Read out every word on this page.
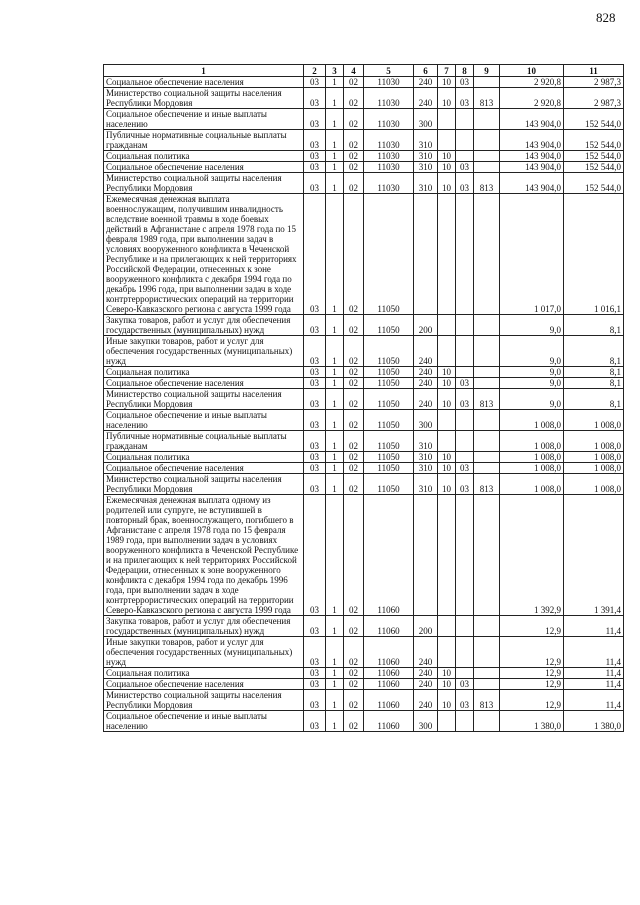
828
1	2	3	4	5	6	7	8	9	10	11
Социальное обеспечение населения	03	1	02	11030	240	10	03		2 920,8	2 987,3
Министерство социальной защиты населения Республики Мордовия	03	1	02	11030	240	10	03	813	2 920,8	2 987,3
Социальное обеспечение и иные выплаты населению	03	1	02	11030	300				143 904,0	152 544,0
Публичные нормативные социальные выплаты гражданам	03	1	02	11030	310				143 904,0	152 544,0
Социальная политика	03	1	02	11030	310	10			143 904,0	152 544,0
Социальное обеспечение населения	03	1	02	11030	310	10	03		143 904,0	152 544,0
Министерство социальной защиты населения Республики Мордовия	03	1	02	11030	310	10	03	813	143 904,0	152 544,0
Ежемесячная денежная выплата военнослужащим, получившим инвалидность вследствие военной травмы в ходе боевых действий в Афганистане с апреля 1978 года по 15 февраля 1989 года, при выполнении задач в условиях вооруженного конфликта в Чеченской Республике и на прилегающих к ней территориях Российской Федерации, отнесенных к зоне вооруженного конфликта с декабря 1994 года по декабрь 1996 года, при выполнении задач в ходе контртеррористических операций на территории Северо-Кавказского региона с августа 1999 года	03	1	02	11050					1 017,0	1 016,1
Закупка товаров, работ и услуг для обеспечения государственных (муниципальных) нужд	03	1	02	11050	200				9,0	8,1
Иные закупки товаров, работ и услуг для обеспечения государственных (муниципальных) нужд	03	1	02	11050	240				9,0	8,1
Социальная политика	03	1	02	11050	240	10			9,0	8,1
Социальное обеспечение населения	03	1	02	11050	240	10	03		9,0	8,1
Министерство социальной защиты населения Республики Мордовия	03	1	02	11050	240	10	03	813	9,0	8,1
Социальное обеспечение и иные выплаты населению	03	1	02	11050	300				1 008,0	1 008,0
Публичные нормативные социальные выплаты гражданам	03	1	02	11050	310				1 008,0	1 008,0
Социальная политика	03	1	02	11050	310	10			1 008,0	1 008,0
Социальное обеспечение населения	03	1	02	11050	310	10	03		1 008,0	1 008,0
Министерство социальной защиты населения Республики Мордовия	03	1	02	11050	310	10	03	813	1 008,0	1 008,0
Ежемесячная денежная выплата одному из родителей или супруге, не вступившей в повторный брак, военнослужащего, погибшего в Афганистане с апреля 1978 года по 15 февраля 1989 года, при выполнении задач в условиях вооруженного конфликта в Чеченской Республике и на прилегающих к ней территориях Российской Федерации, отнесенных к зоне вооруженного конфликта с декабря 1994 года по декабрь 1996 года, при выполнении задач в ходе контртеррористических операций на территории Северо-Кавказского региона с августа 1999 года	03	1	02	11060					1 392,9	1 391,4
Закупка товаров, работ и услуг для обеспечения государственных (муниципальных) нужд	03	1	02	11060	200				12,9	11,4
Иные закупки товаров, работ и услуг для обеспечения государственных (муниципальных) нужд	03	1	02	11060	240				12,9	11,4
Социальная политика	03	1	02	11060	240	10			12,9	11,4
Социальное обеспечение населения	03	1	02	11060	240	10	03		12,9	11,4
Министерство социальной защиты населения Республики Мордовия	03	1	02	11060	240	10	03	813	12,9	11,4
Социальное обеспечение и иные выплаты населению	03	1	02	11060	300				1 380,0	1 380,0
